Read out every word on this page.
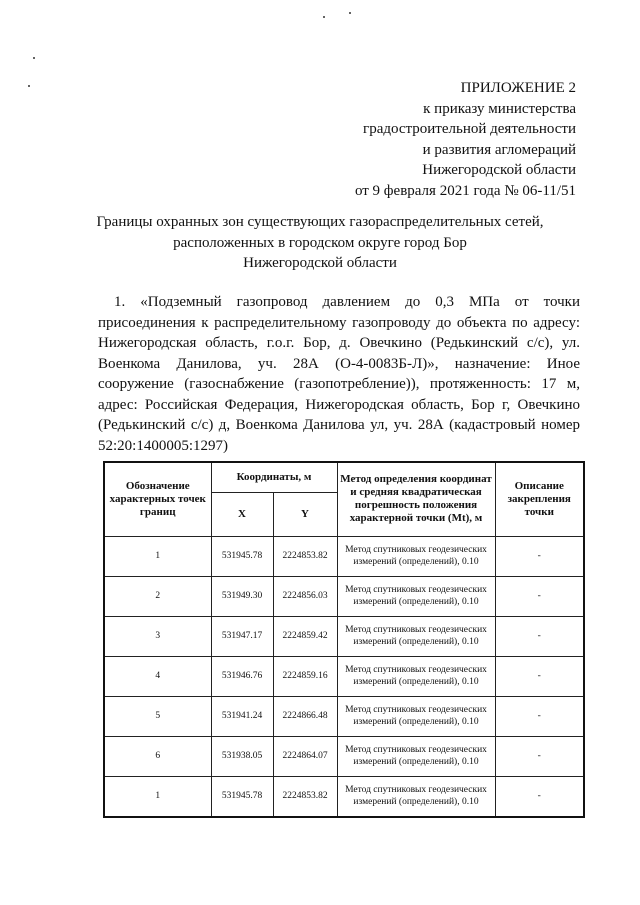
ПРИЛОЖЕНИЕ 2
к приказу министерства
градостроительной деятельности
и развития агломераций
Нижегородской области
от 9 февраля 2021 года № 06-11/51
Границы охранных зон существующих газораспределительных сетей,
расположенных в городском округе город Бор
Нижегородской области
1. «Подземный газопровод давлением до 0,3 МПа от точки присоединения к распределительному газопроводу до объекта по адресу: Нижегородская область, г.о.г. Бор, д. Овечкино (Редькинский с/с), ул. Военкома Данилова, уч. 28А (О-4-0083Б-Л)», назначение: Иное сооружение (газоснабжение (газопотребление)), протяженность: 17 м, адрес: Российская Федерация, Нижегородская область, Бор г, Овечкино (Редькинский с/с) д, Военкома Данилова ул, уч. 28А (кадастровый номер 52:20:1400005:1297)
Обозначение характерных точек границ	Координаты, м		Метод определения координат и средняя квадратическая погрешность положения характерной точки (Mt), м	Описание закрепления точки
	X	Y		
1	531945.78	2224853.82	Метод спутниковых геодезических измерений (определений), 0.10	-
2	531949.30	2224856.03	Метод спутниковых геодезических измерений (определений), 0.10	-
3	531947.17	2224859.42	Метод спутниковых геодезических измерений (определений), 0.10	-
4	531946.76	2224859.16	Метод спутниковых геодезических измерений (определений), 0.10	-
5	531941.24	2224866.48	Метод спутниковых геодезических измерений (определений), 0.10	-
6	531938.05	2224864.07	Метод спутниковых геодезических измерений (определений), 0.10	-
1	531945.78	2224853.82	Метод спутниковых геодезических измерений (определений), 0.10	-
